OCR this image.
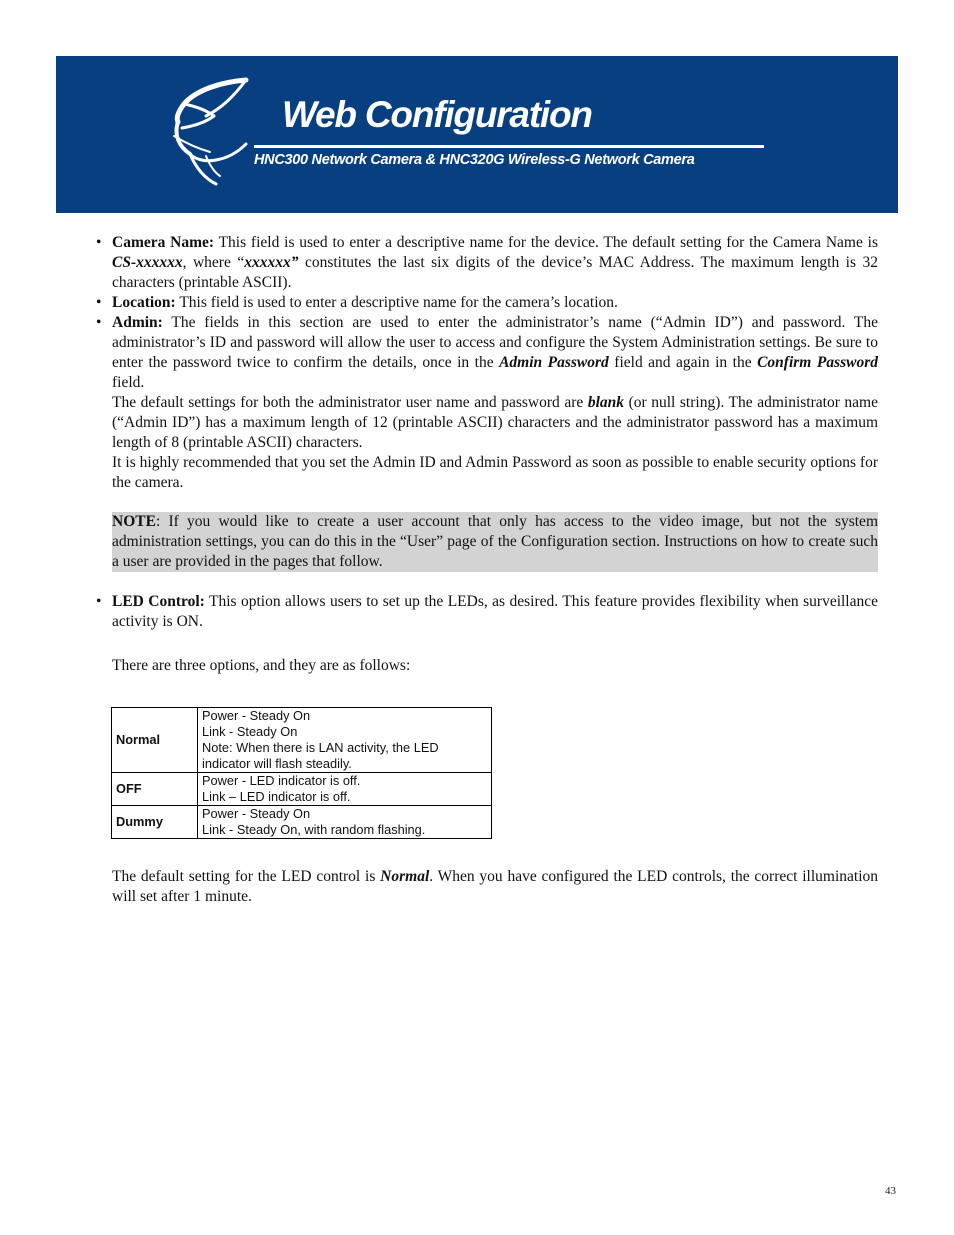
Web Configuration
HNC300 Network Camera & HNC320G Wireless-G Network Camera
• Camera Name: This field is used to enter a descriptive name for the device. The default setting for the Camera Name is CS-xxxxxx, where “xxxxxx” constitutes the last six digits of the device’s MAC Address. The maximum length is 32 characters (printable ASCII).

• Location: This field is used to enter a descriptive name for the camera’s location.

• Admin: The fields in this section are used to enter the administrator’s name (“Admin ID”) and password. The administrator’s ID and password will allow the user to access and configure the System Administration settings. Be sure to enter the password twice to confirm the details, once in the Admin Password field and again in the Confirm Password field.

The default settings for both the administrator user name and password are blank (or null string). The administrator name (“Admin ID”) has a maximum length of 12 (printable ASCII) characters and the administrator password has a maximum length of 8 (printable ASCII) characters.

It is highly recommended that you set the Admin ID and Admin Password as soon as possible to enable security options for the camera.

NOTE: If you would like to create a user account that only has access to the video image, but not the system administration settings, you can do this in the “User” page of the Configuration section. Instructions on how to create such a user are provided in the pages that follow.

• LED Control: This option allows users to set up the LEDs, as desired. This feature provides flexibility when surveillance activity is ON.

There are three options, and they are as follows:

Normal	Power - Steady On
Link - Steady On
Note: When there is LAN activity, the LED indicator will flash steadily.

OFF	Power - LED indicator is off.
Link – LED indicator is off.

Dummy	Power - Steady On
Link - Steady On, with random flashing.

The default setting for the LED control is Normal. When you have configured the LED controls, the correct illumination will set after 1 minute.

43
